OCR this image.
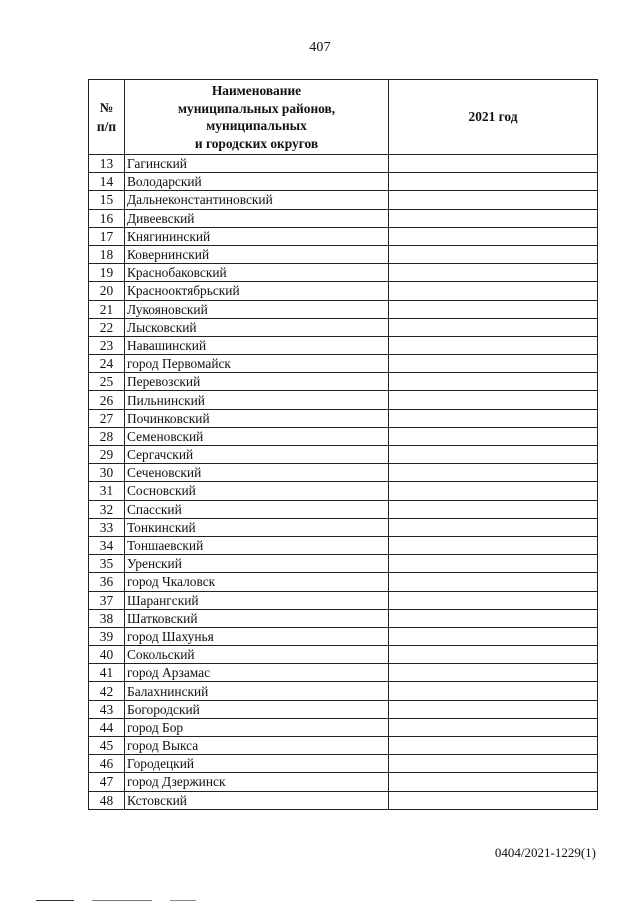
407
№
п/п	Наименование
муниципальных районов,
муниципальных
и городских округов	2021 год
13	Гагинский	
14	Володарский	
15	Дальнеконстантиновский	
16	Дивеевский	
17	Княгининский	
18	Ковернинский	
19	Краснобаковский	
20	Краснооктябрьский	
21	Лукояновский	
22	Лысковский	
23	Навашинский	
24	город Первомайск	
25	Перевозский	
26	Пильнинский	
27	Починковский	
28	Семеновский	
29	Сергачский	
30	Сеченовский	
31	Сосновский	
32	Спасский	
33	Тонкинский	
34	Тоншаевский	
35	Уренский	
36	город Чкаловск	
37	Шарангский	
38	Шатковский	
39	город Шахунья	
40	Сокольский	
41	город Арзамас	
42	Балахнинский	
43	Богородский	
44	город Бор	
45	город Выкса	
46	Городецкий	
47	город Дзержинск	
48	Кстовский	
0404/2021-1229(1)
